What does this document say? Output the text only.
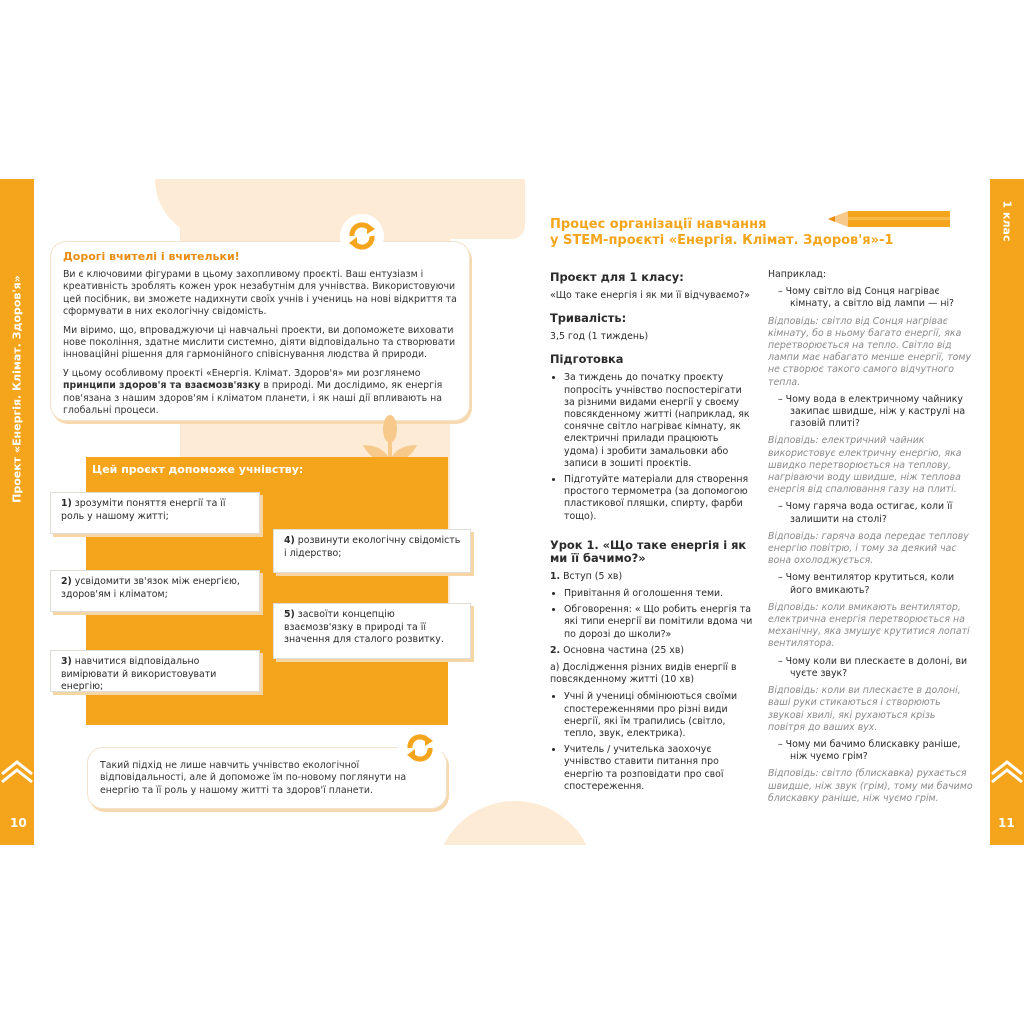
Проект «Енергія. Клімат. Здоров'я»
10
Дорогі вчителі і вчительки!

Ви є ключовими фігурами в цьому захопливому проєкті. Ваш ентузіазм і креативність зроблять кожен урок незабутнім для учнівства. Використовуючи цей посібник, ви зможете надихнути своїх учнів і учениць на нові відкриття та сформувати в них екологічну свідомість.

Ми віримо, що, впроваджуючи ці навчальні проекти, ви допоможете виховати нове покоління, здатне мислити системно, діяти відповідально та створювати інноваційні рішення для гармонійного співіснування людства й природи.

У цьому особливому проєкті «Енергія. Клімат. Здоров'я» ми розглянемо принципи здоров'я та взаємозв'язку в природі. Ми дослідимо, як енергія пов'язана з нашим здоров'ям і кліматом планети, і як наші дії впливають на глобальні процеси.

Цей проєкт допоможе учнівству:
1) зрозуміти поняття енергії та її роль у нашому житті;
2) усвідомити зв'язок між енергією, здоров'ям і кліматом;
3) навчитися відповідально вимірювати й використовувати енергію;
4) розвинути екологічну свідомість і лідерство;
5) засвоїти концепцію взаємозв'язку в природі та її значення для сталого розвитку.

Такий підхід не лише навчить учнівство екологічної відповідальності, але й допоможе їм по-новому поглянути на енергію та її роль у нашому житті та здоров'ї планети.

1 клас
11
Процес організації навчання
у STEM-проєкті «Енергія. Клімат. Здоров'я»-1
Проєкт для 1 класу:

«Що таке енергія і як ми її відчуваємо?»

Тривалість:

3,5 год (1 тиждень)

Підготовка
• За тиждень до початку проєкту попросіть учнівство поспостерігати за різними видами енергії у своєму повсякденному житті (наприклад, як сонячне світло нагріває кімнату, як електричні прилади працюють удома) і зробити замальовки або записи в зошиті проєктів.
• Підготуйте матеріали для створення простого термометра (за допомогою пластикової пляшки, спирту, фарби тощо).
Урок 1. «Що таке енергія і як ми її бачимо?»

1. Вступ (5 хв)

• Привітання й оголошення теми.
• Обговорення: « Що робить енергія та які типи енергії ви помітили вдома чи по дорозі до школи?»

2. Основна частина (25 хв)

а) Дослідження різних видів енергії в повсякденному житті (10 хв)

• Учні й учениці обмінюються своїми спостереженнями про різні види енергії, які їм трапились (світло, тепло, звук, електрика).
• Учитель / учителька заохочує учнівство ставити питання про енергію та розповідати про свої спостереження.

Наприклад:

– Чому світло від Сонця нагріває кімнату, а світло від лампи — ні?

Відповідь: світло від Сонця нагріває кімнату, бо в ньому багато енергії, яка перетворюється на тепло. Світло від лампи має набагато менше енергії, тому не створює такого самого відчутного тепла.

– Чому вода в електричному чайнику закипає швидше, ніж у каструлі на газовій плиті?

Відповідь: електричний чайник використовує електричну енергію, яка швидко перетворюється на теплову, нагріваючи воду швидше, ніж теплова енергія від спалювання газу на плиті.

– Чому гаряча вода остигає, коли її залишити на столі?

Відповідь: гаряча вода передає теплову енергію повітрю, і тому за деякий час вона охолоджується.

– Чому вентилятор крутиться, коли його вмикають?

Відповідь: коли вмикають вентилятор, електрична енергія перетворюється на механічну, яка змушує крутитися лопаті вентилятора.

– Чому коли ви плескаєте в долоні, ви чуєте звук?

Відповідь: коли ви плескаєте в долоні, ваші руки стикаються і створюють звукові хвилі, які рухаються крізь повітря до ваших вух.

– Чому ми бачимо блискавку раніше, ніж чуємо грім?

Відповідь: світло (блискавка) рухається швидше, ніж звук (грім), тому ми бачимо блискавку раніше, ніж чуємо грім.
